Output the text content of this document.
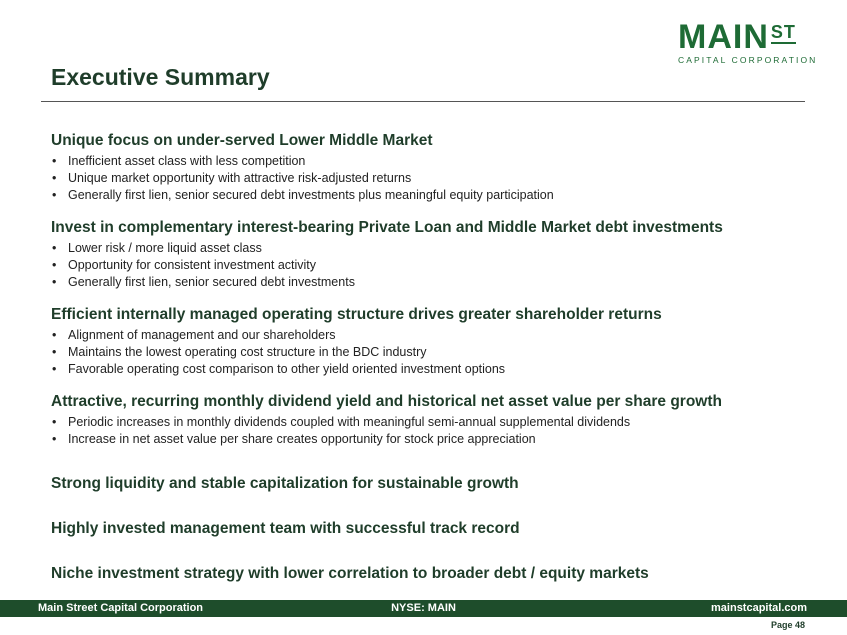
MAIN ST
CAPITAL CORPORATION
Executive Summary

Unique focus on under-served Lower Middle Market

• Inefficient asset class with less competition
• Unique market opportunity with attractive risk-adjusted returns
• Generally first lien, senior secured debt investments plus meaningful equity participation

Invest in complementary interest-bearing Private Loan and Middle Market debt investments

• Lower risk / more liquid asset class
• Opportunity for consistent investment activity
• Generally first lien, senior secured debt investments

Efficient internally managed operating structure drives greater shareholder returns

• Alignment of management and our shareholders
• Maintains the lowest operating cost structure in the BDC industry
• Favorable operating cost comparison to other yield oriented investment options

Attractive, recurring monthly dividend yield and historical net asset value per share growth

• Periodic increases in monthly dividends coupled with meaningful semi-annual supplemental dividends
• Increase in net asset value per share creates opportunity for stock price appreciation

Strong liquidity and stable capitalization for sustainable growth

Highly invested management team with successful track record

Niche investment strategy with lower correlation to broader debt / equity markets

Main Street Capital Corporation	NYSE: MAIN	mainstcapital.com
Page 48
